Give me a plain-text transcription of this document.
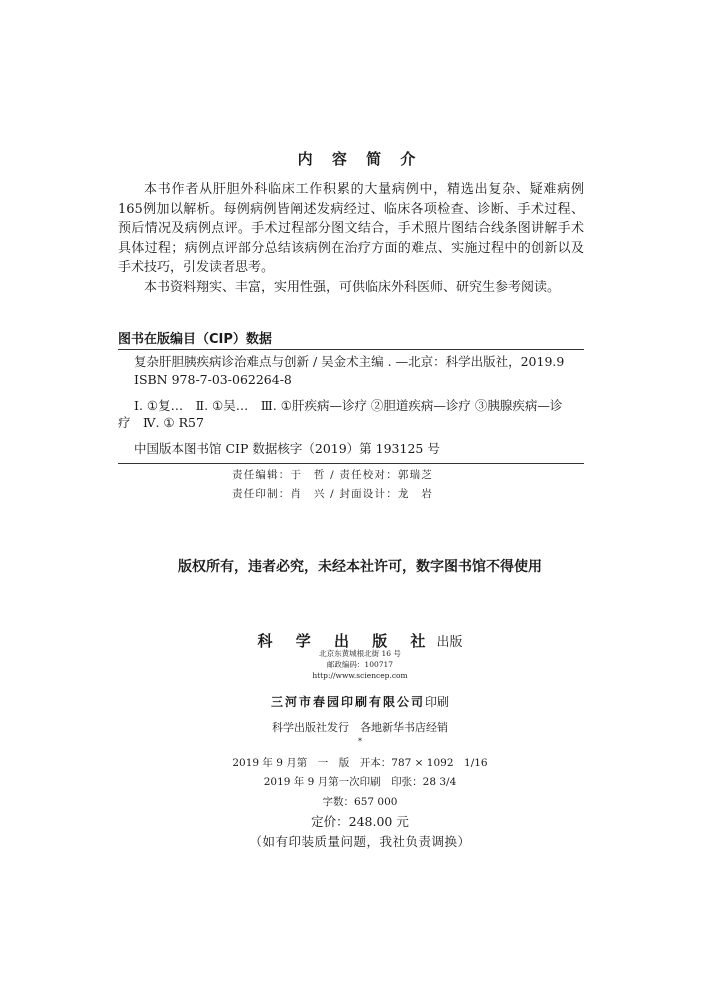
内 容 简 介

本书作者从肝胆外科临床工作积累的大量病例中，精选出复杂、疑难病例165例加以解析。每例病例皆阐述发病经过、临床各项检查、诊断、手术过程、预后情况及病例点评。手术过程部分图文结合，手术照片图结合线条图讲解手术具体过程；病例点评部分总结该病例在治疗方面的难点、实施过程中的创新以及手术技巧，引发读者思考。

本书资料翔实、丰富，实用性强，可供临床外科医师、研究生参考阅读。

图书在版编目（CIP）数据
复杂肝胆胰疾病诊治难点与创新 / 吴金术主编 . —北京：科学出版社，2019.9
ISBN 978-7-03-062264-8
Ⅰ. ①复…　Ⅱ. ①吴…　Ⅲ. ①肝疾病—诊疗 ②胆道疾病—诊疗 ③胰腺疾病—诊
疗　Ⅳ. ① R57
中国版本图书馆 CIP 数据核字（2019）第 193125 号
责任编辑：于　哲 / 责任校对：郭瑞芝
责任印制：肖　兴 / 封面设计：龙　岩
版权所有，违者必究，未经本社许可，数字图书馆不得使用
科 学 出 版 社 出版
北京东黄城根北街 16 号
邮政编码：100717
http://www.sciencep.com
三河市春园印刷有限公司印刷
科学出版社发行　各地新华书店经销
*
2019 年 9 月第　一　版　开本：787 × 1092　1/16
2019 年 9 月第一次印刷　印张：28 3/4
字数：657 000
定价：248.00 元
（如有印装质量问题，我社负责调换）
